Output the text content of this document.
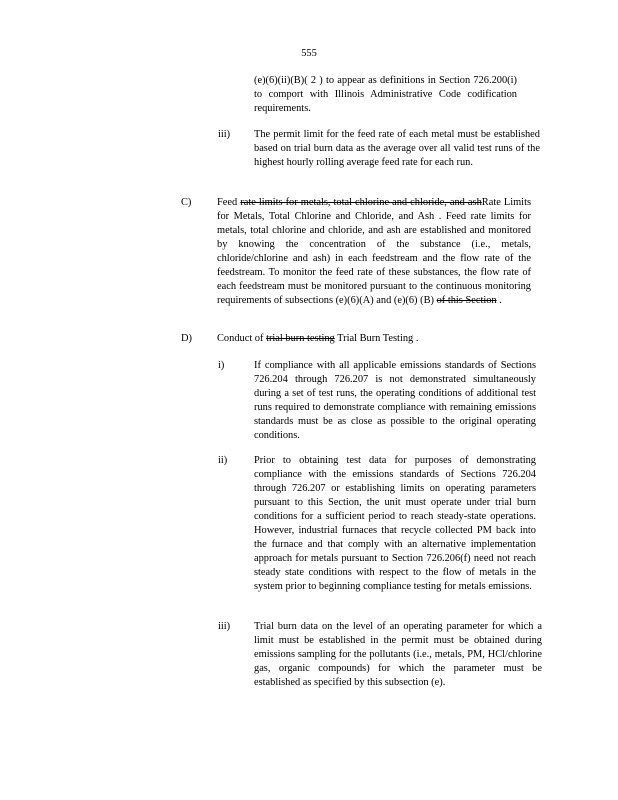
555
(e)(6)(ii)(B)( 2 ) to appear as definitions in Section 726.200(i) to comport with Illinois Administrative Code codification requirements.
iii) The permit limit for the feed rate of each metal must be established based on trial burn data as the average over all valid test runs of the highest hourly rolling average feed rate for each run.
C) Feed rate limits for metals, total chlorine and chloride, and ashRate Limits for Metals, Total Chlorine and Chloride, and Ash . Feed rate limits for metals, total chlorine and chloride, and ash are established and monitored by knowing the concentration of the substance (i.e., metals, chloride/chlorine and ash) in each feedstream and the flow rate of the feedstream. To monitor the feed rate of these substances, the flow rate of each feedstream must be monitored pursuant to the continuous monitoring requirements of subsections (e)(6)(A) and (e)(6) (B) of this Section .
D) Conduct of trial burn testing Trial Burn Testing .
i)	If compliance with all applicable emissions standards of Sections 726.204 through 726.207 is not demonstrated simultaneously during a set of test runs, the operating conditions of additional test runs required to demonstrate compliance with remaining emissions standards must be as close as possible to the original operating conditions.
ii)	Prior to obtaining test data for purposes of demonstrating compliance with the emissions standards of Sections 726.204 through 726.207 or establishing limits on operating parameters pursuant to this Section, the unit must operate under trial burn conditions for a sufficient period to reach steady-state operations. However, industrial furnaces that recycle collected PM back into the furnace and that comply with an alternative implementation approach for metals pursuant to Section 726.206(f) need not reach steady state conditions with respect to the flow of metals in the system prior to beginning compliance testing for metals emissions.
iii) Trial burn data on the level of an operating parameter for which a limit must be established in the permit must be obtained during emissions sampling for the pollutants (i.e., metals, PM, HCl/chlorine gas, organic compounds) for which the parameter must be established as specified by this subsection (e).
